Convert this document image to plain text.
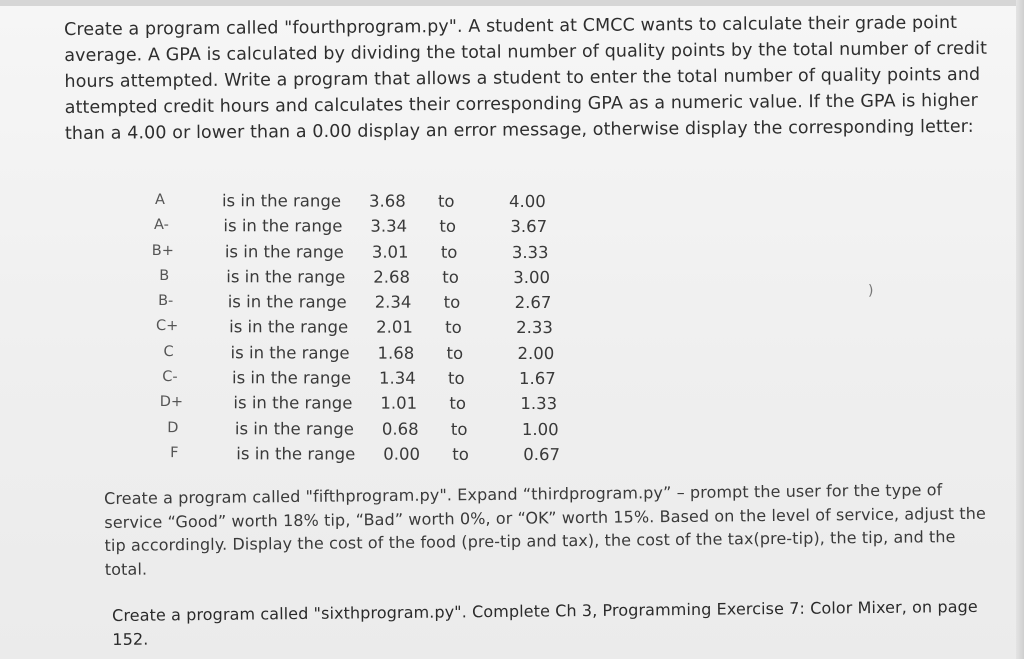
Create a program called "fourthprogram.py". A student at CMCC wants to calculate their grade point average. A GPA is calculated by dividing the total number of quality points by the total number of credit hours attempted. Write a program that allows a student to enter the total number of quality points and attempted credit hours and calculates their corresponding GPA as a numeric value. If the GPA is higher than a 4.00 or lower than a 0.00 display an error message, otherwise display the corresponding letter:

A	is in the range 3.68 to	4.00
A-	is in the range 3.34 to	3.67
B+	is in the range 3.01 to	3.33
B	is in the range 2.68 to	3.00
B-	is in the range 2.34 to	2.67
C+	is in the range 2.01 to	2.33
C	is in the range 1.68 to	2.00
C-	is in the range 1.34 to	1.67
D+	is in the range 1.01 to	1.33
D	is in the range 0.68 to	1.00
F	is in the range 0.00 to	0.67
)

Create a program called "fifthprogram.py". Expand “thirdprogram.py” – prompt the user for the type of service “Good” worth 18% tip, “Bad” worth 0%, or “OK” worth 15%. Based on the level of service, adjust the tip accordingly. Display the cost of the food (pre-tip and tax), the cost of the tax(pre-tip), the tip, and the total.

Create a program called "sixthprogram.py". Complete Ch 3, Programming Exercise 7: Color Mixer, on page 152.
